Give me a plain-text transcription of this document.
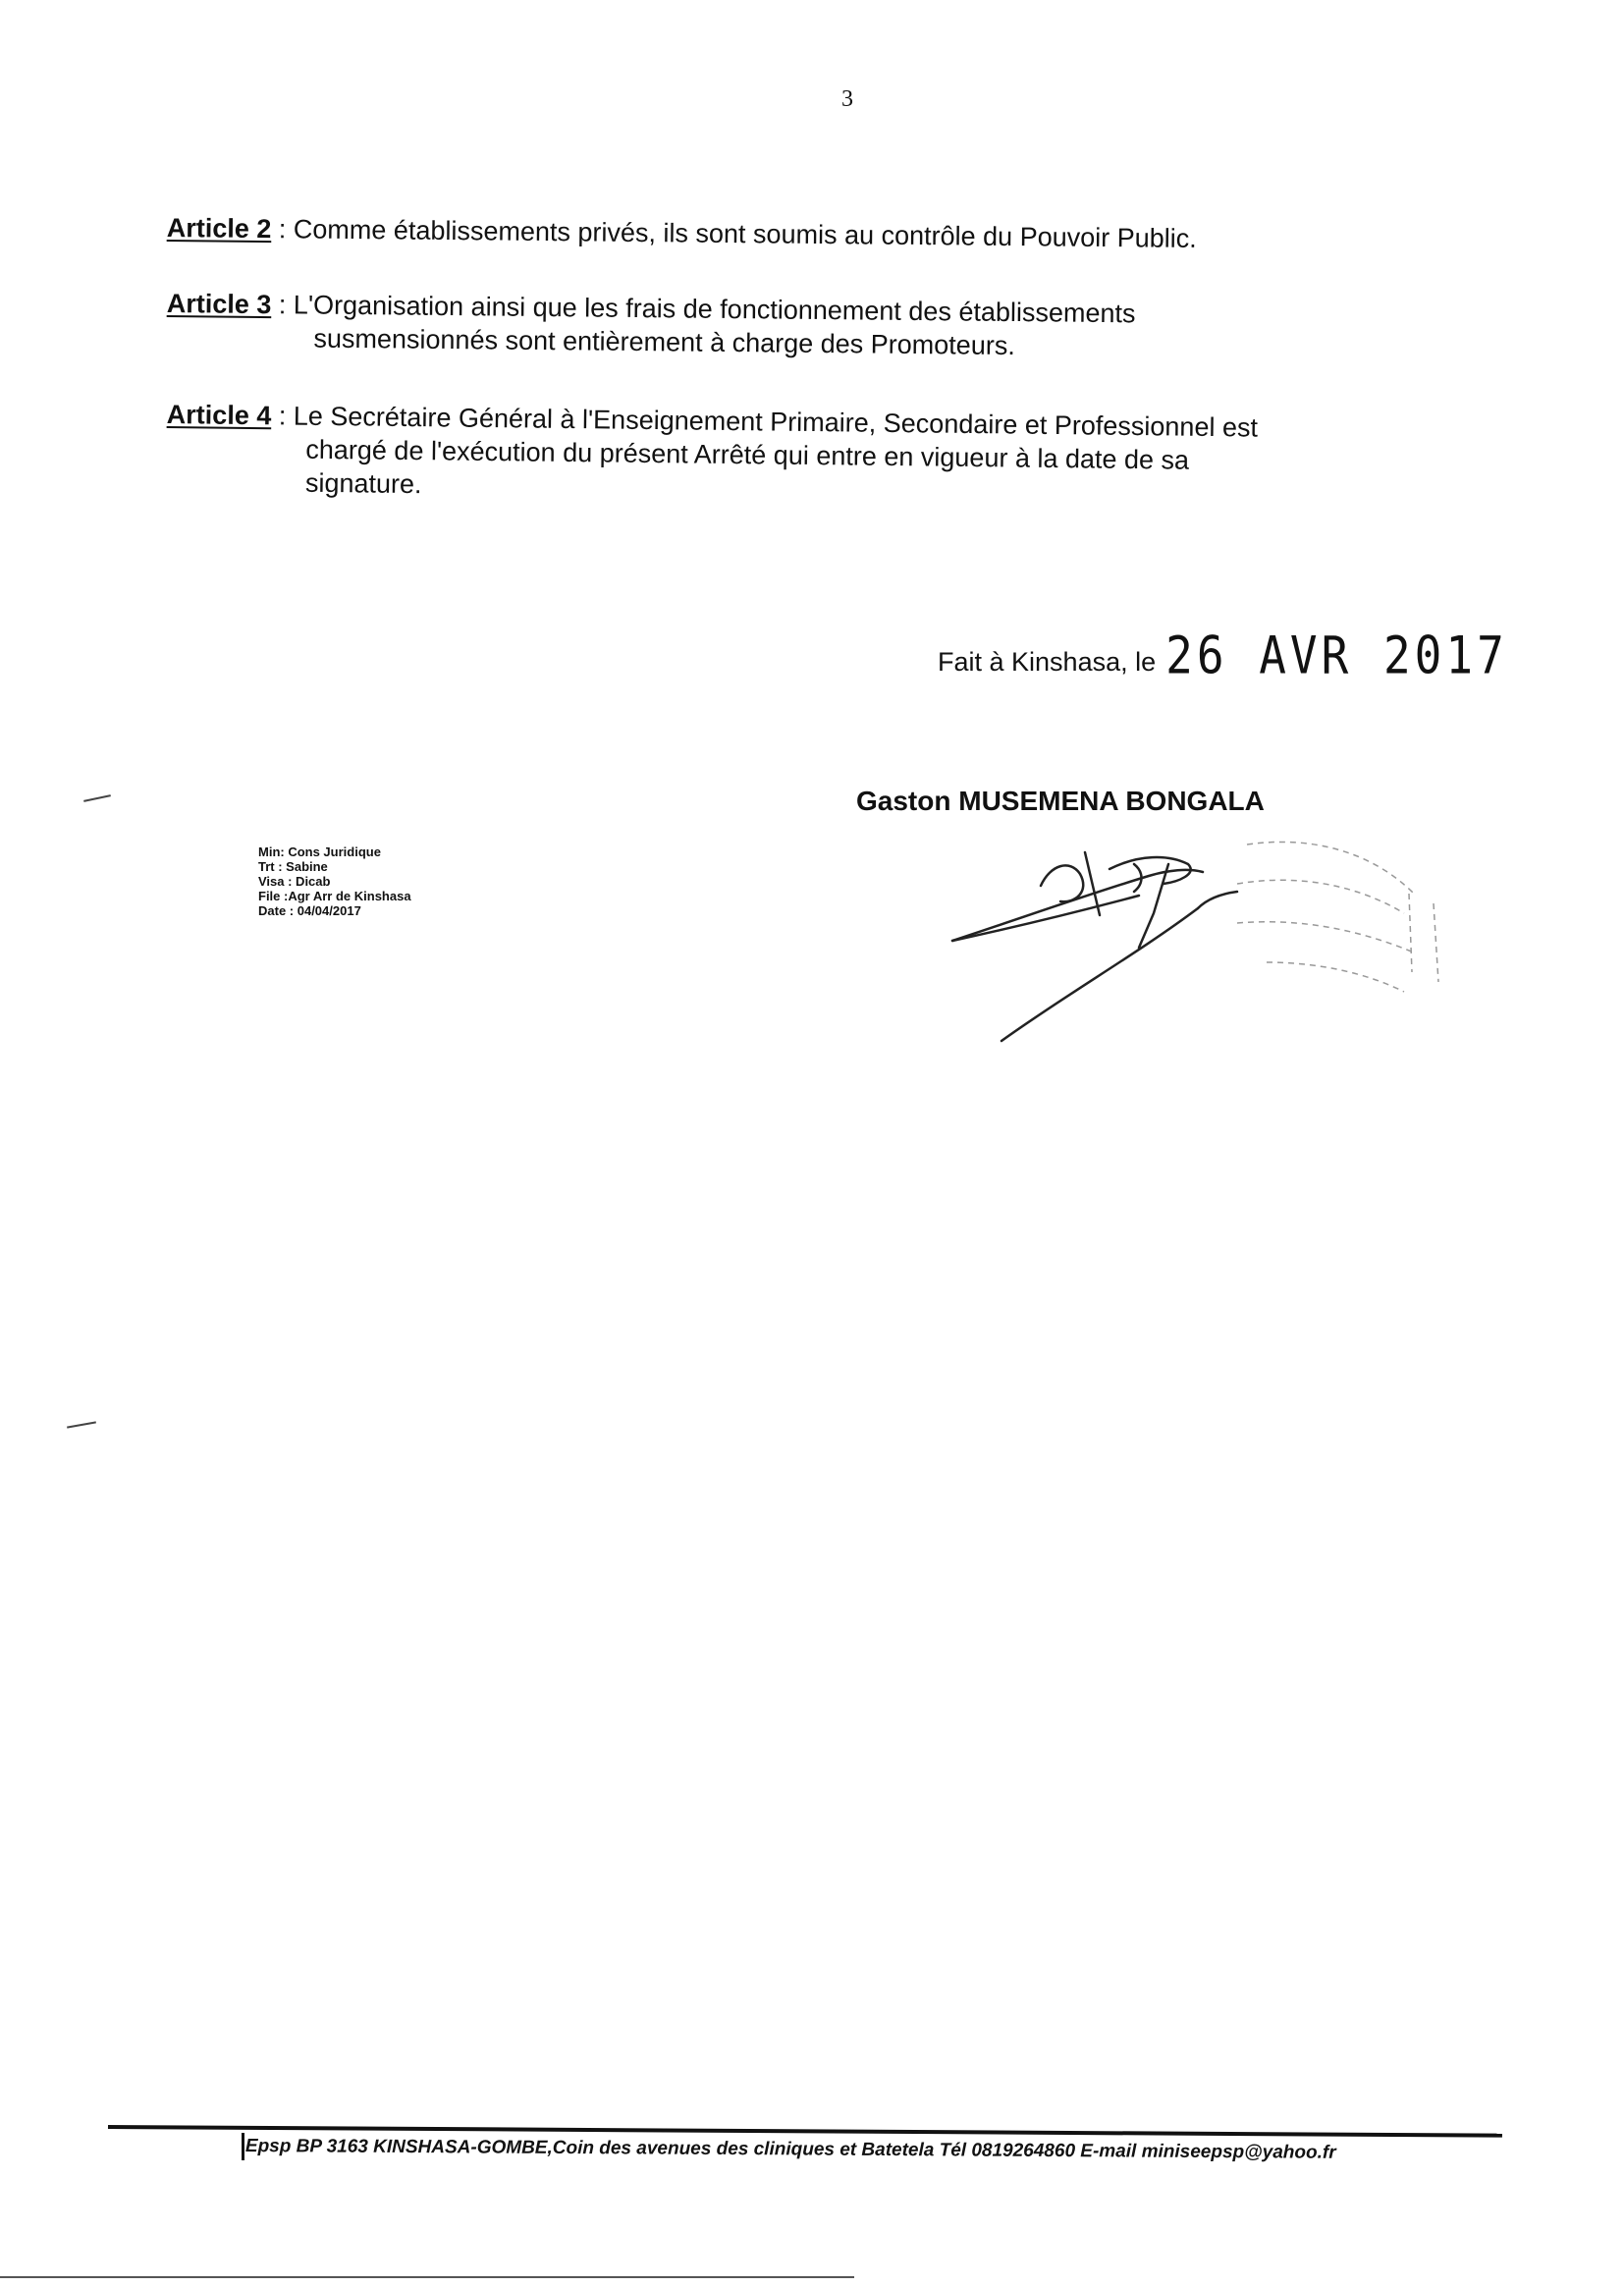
3
Article 2 : Comme établissements privés, ils sont soumis au contrôle du Pouvoir Public.
Article 3 : L'Organisation ainsi que les frais de fonctionnement des établissements
susmensionnés sont entièrement à charge des Promoteurs.
Article 4 : Le Secrétaire Général à l'Enseignement Primaire, Secondaire et Professionnel est
chargé de l'exécution du présent Arrêté qui entre en vigueur à la date de sa
signature.
Fait à Kinshasa, le 26 AVR 2017
Gaston MUSEMENA BONGALA
Min: Cons Juridique
Trt : Sabine
Visa : Dicab
File :Agr Arr de Kinshasa
Date : 04/04/2017
Epsp BP 3163 KINSHASA-GOMBE,Coin des avenues des cliniques et Batetela Tél 0819264860 E-mail miniseepsp@yahoo.fr
